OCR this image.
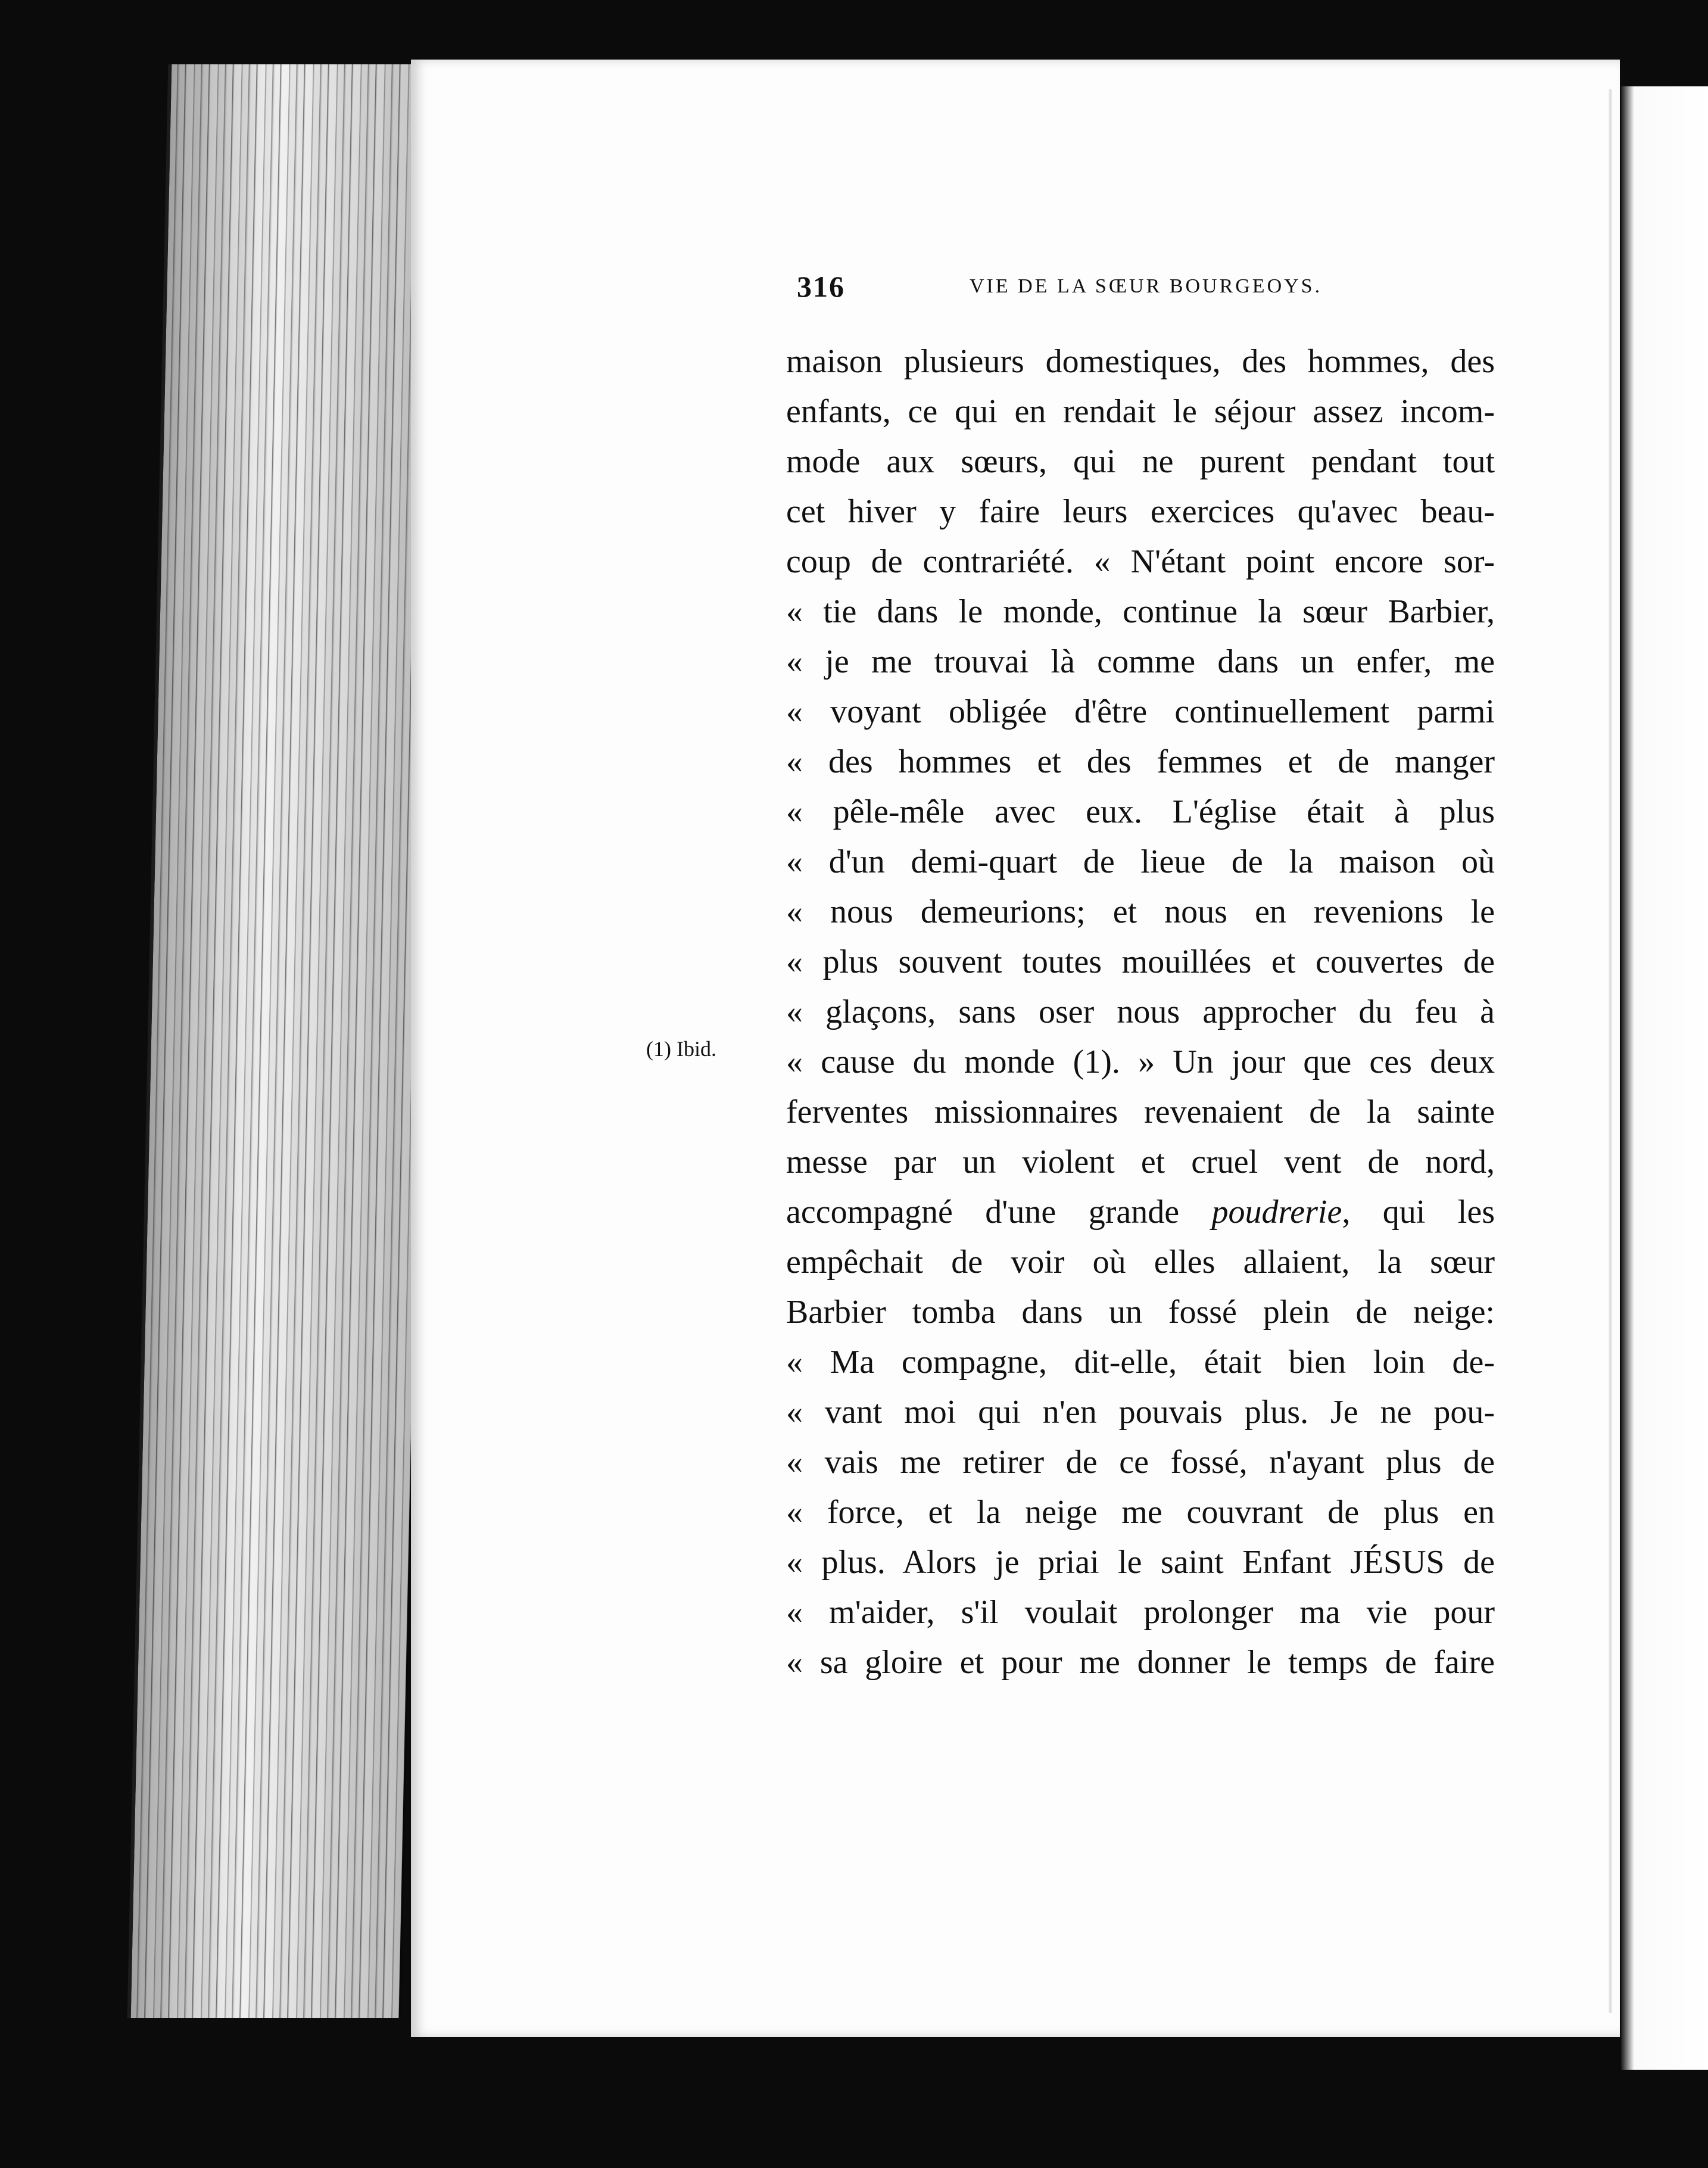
316	VIE DE LA SŒUR BOURGEOYS.
maison plusieurs domestiques, des hommes, des
enfants, ce qui en rendait le séjour assez incom-
mode aux sœurs, qui ne purent pendant tout
cet hiver y faire leurs exercices qu'avec beau-
coup de contrariété. « N'étant point encore sor-
« tie dans le monde, continue la sœur Barbier,
« je me trouvai là comme dans un enfer, me
« voyant obligée d'être continuellement parmi
« des hommes et des femmes et de manger
« pêle-mêle avec eux. L'église était à plus
« d'un demi-quart de lieue de la maison où
« nous demeurions; et nous en revenions le
« plus souvent toutes mouillées et couvertes de
« glaçons, sans oser nous approcher du feu à
« cause du monde (1). » Un jour que ces deux
ferventes missionnaires revenaient de la sainte
messe par un violent et cruel vent de nord,
accompagné d'une grande poudrerie, qui les
empêchait de voir où elles allaient, la sœur
Barbier tomba dans un fossé plein de neige:
« Ma compagne, dit-elle, était bien loin de-
« vant moi qui n'en pouvais plus. Je ne pou-
« vais me retirer de ce fossé, n'ayant plus de
« force, et la neige me couvrant de plus en
« plus. Alors je priai le saint Enfant JÉSUS de
« m'aider, s'il voulait prolonger ma vie pour
« sa gloire et pour me donner le temps de faire
(1) Ibid.
